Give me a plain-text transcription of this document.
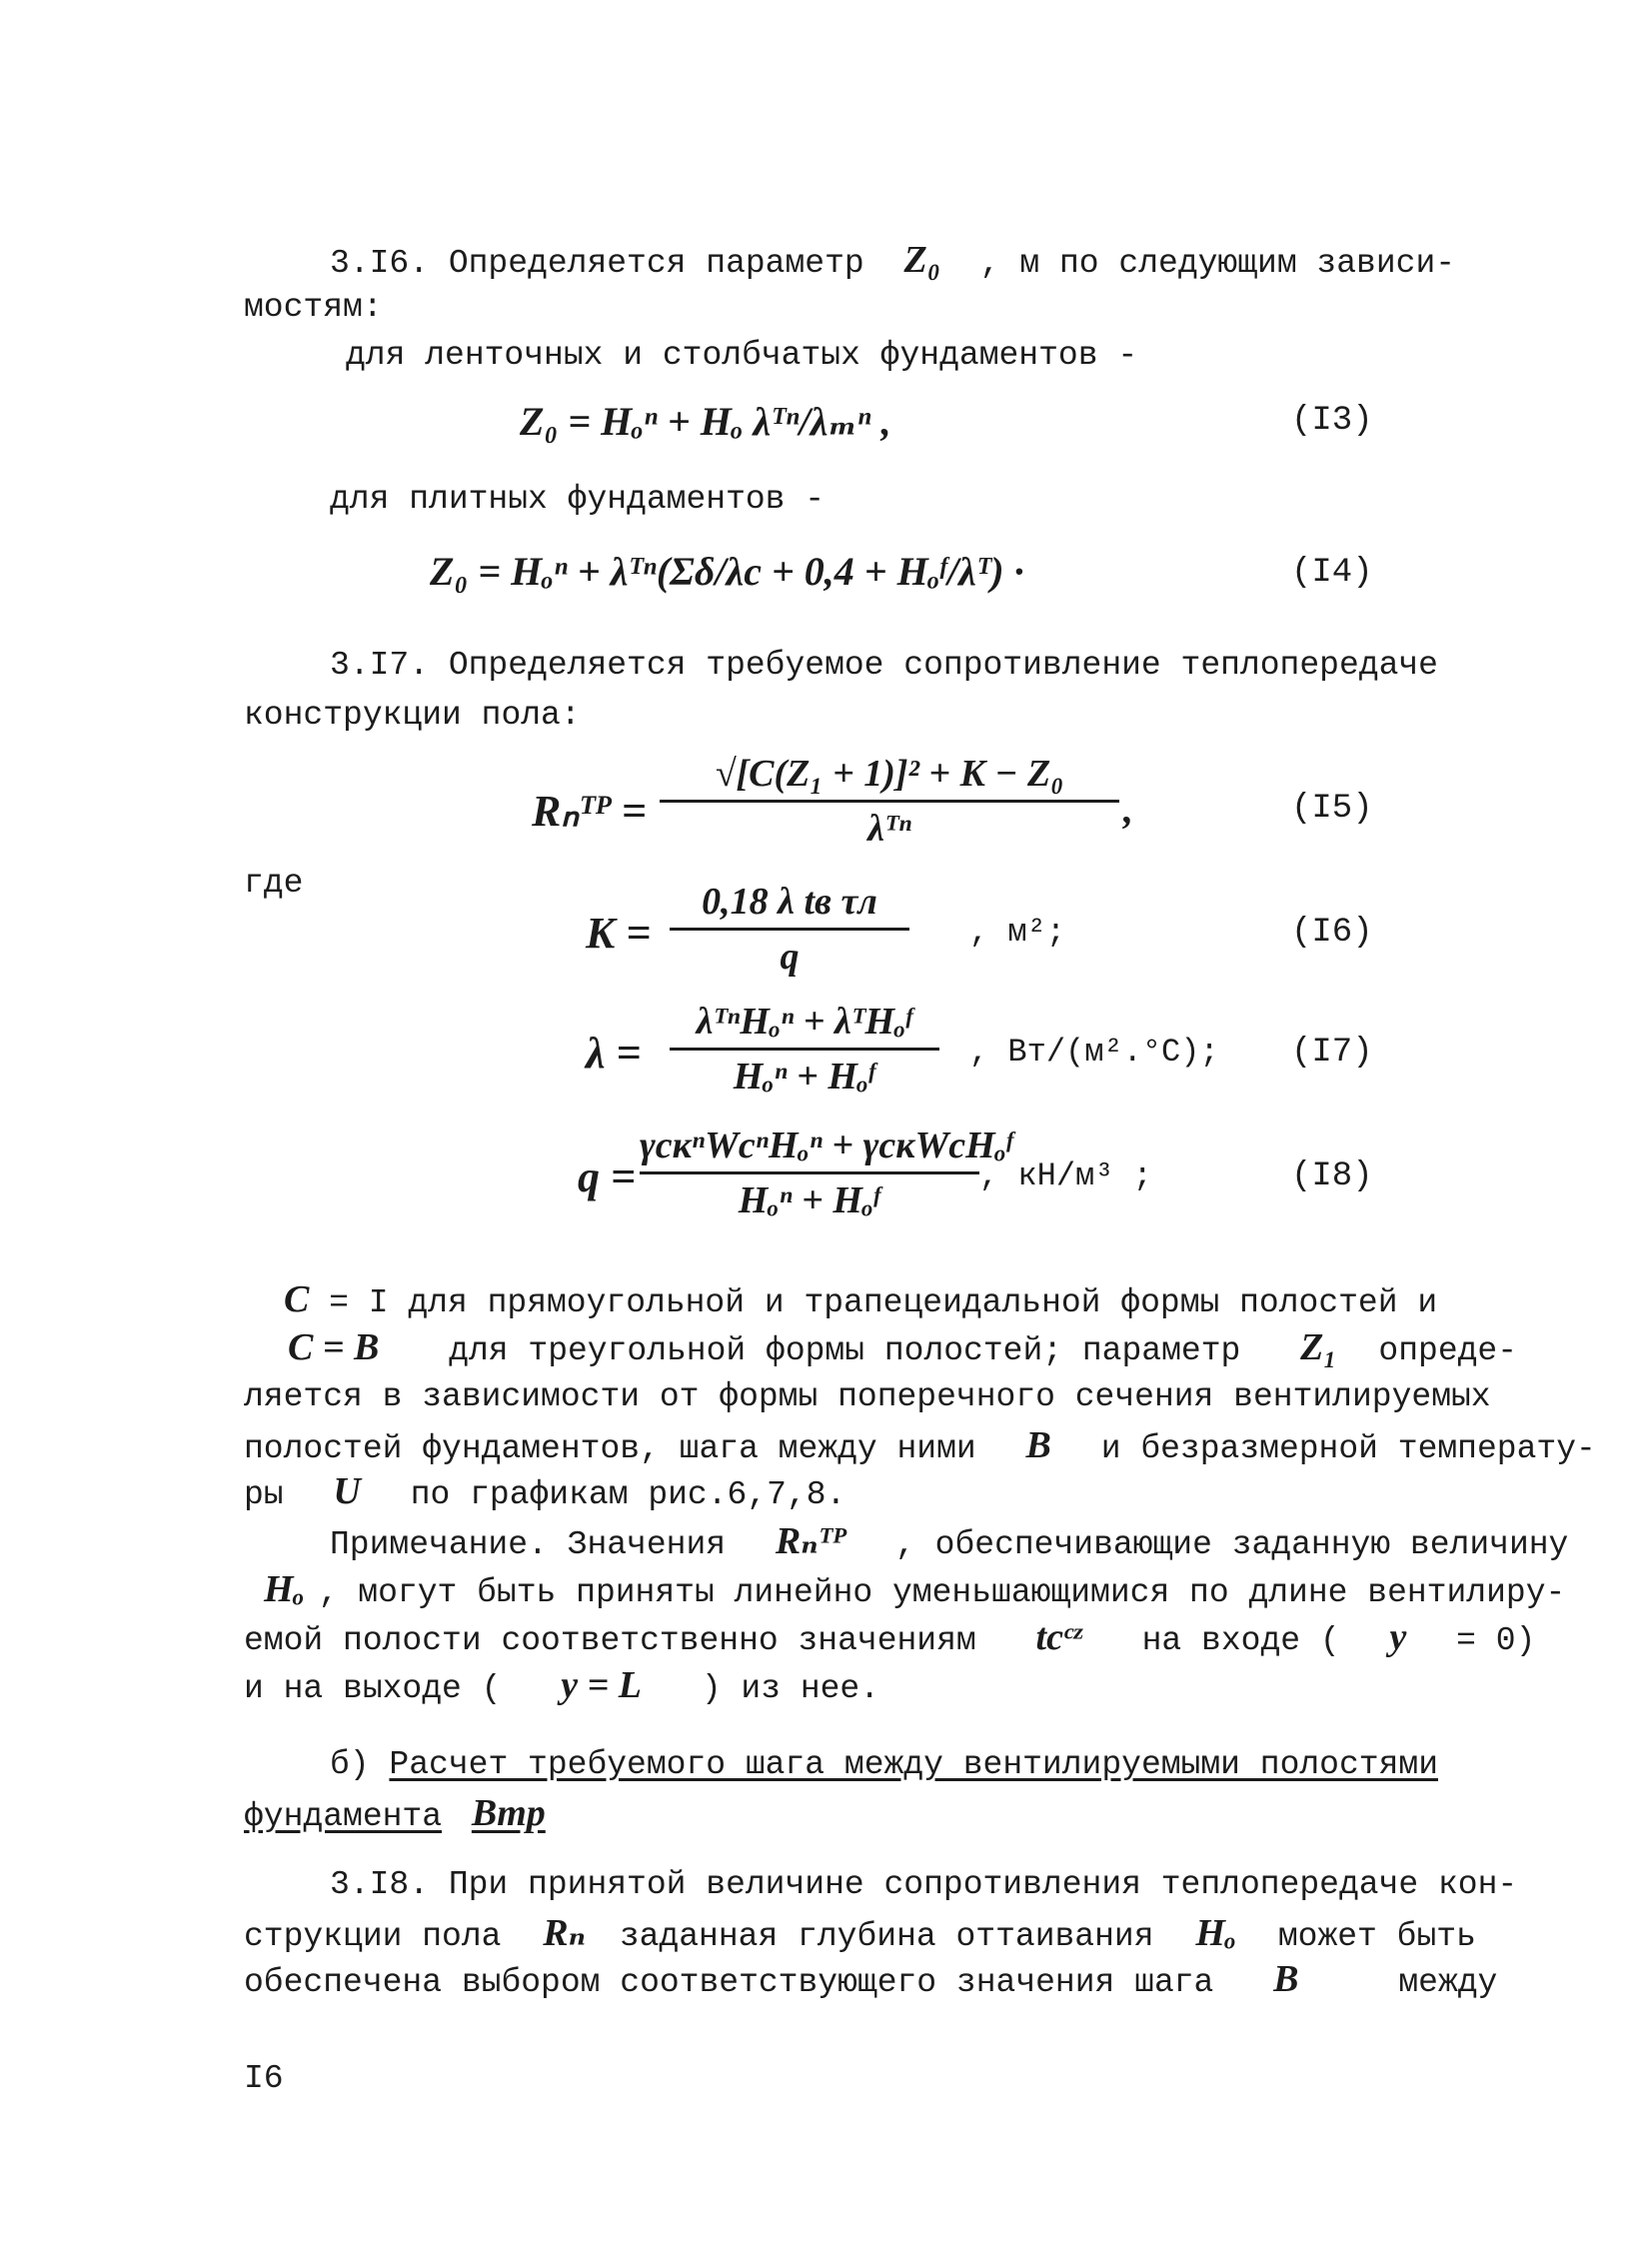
3.I6. Определяется параметр Z₀ , м по следующим зависи-
мостям:
для ленточных и столбчатых фундаментов -
Z₀ = Hₒⁿ + Hₒ λᵀⁿ/λₘⁿ ,	(I3)
для плитных фундаментов -
Z₀ = Hₒⁿ + λᵀⁿ(Σδ/λc + 0,4 + Hₒᶠ/λᵀ) ·	(I4)
3.I7. Определяется требуемое сопротивление теплопередаче
конструкции пола:
Rₙᵀᴾ =
√[C(Z₁ + 1)]² + K − Z₀
λᵀⁿ	,	(I5)
где
K =
0,18 λ tв τл
q
, м²;	(I6)
λ =
λᵀⁿHₒⁿ + λᵀHₒᶠ
Hₒⁿ + Hₒᶠ
, Вт/(м².°С); (I7)
q =
γскⁿWcⁿHₒⁿ + γскWcHₒᶠ
Hₒⁿ + Hₒᶠ
, кН/м³ ;	(I8)
C = I для прямоугольной и трапецеидальной формы полостей и
C = B для треугольной формы полостей; параметр Z₁ опреде-
ляется в зависимости от формы поперечного сечения вентилируемых
полостей фундаментов, шага между ними B и безразмерной температу-
ры U по графикам рис.6,7,8.
Примечание. Значения Rₙᵀᴾ , обеспечивающие заданную величину
Hₒ , могут быть приняты линейно уменьшающимися по длине вентилиру-
емой полости соответственно значениям tcᶜᶻ на входе ( y = 0)
и на выходе ( y = L ) из нее.
б) Расчет требуемого шага между вентилируемыми полостями
фундамента Bтр
3.I8. При принятой величине сопротивления теплопередаче кон-
струкции пола Rₙ заданная глубина оттаивания Hₒ может быть
обеспечена выбором соответствующего значения шага B	между
I6
